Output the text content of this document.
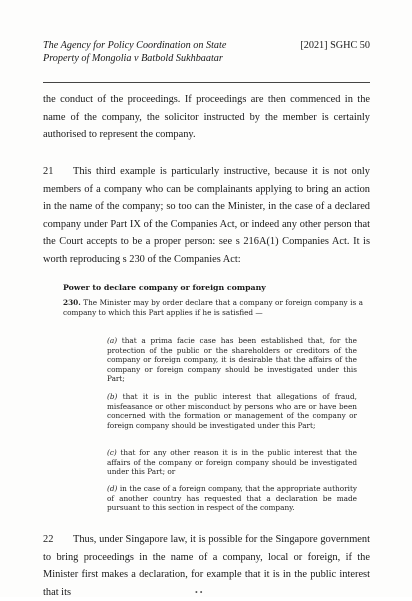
The Agency for Policy Coordination on State
Property of Mongolia v Batbold Sukhbaatar
[2021] SGHC 50
the conduct of the proceedings. If proceedings are then commenced in the name of the company, the solicitor instructed by the member is certainly authorised to represent the company.
21 This third example is particularly instructive, because it is not only members of a company who can be complainants applying to bring an action in the name of the company; so too can the Minister, in the case of a declared company under Part IX of the Companies Act, or indeed any other person that the Court accepts to be a proper person: see s 216A(1) Companies Act. It is worth reproducing s 230 of the Companies Act:
Power to declare company or foreign company
230. The Minister may by order declare that a company or foreign company is a company to which this Part applies if he is satisfied —
(a) that a prima facie case has been established that, for the protection of the public or the shareholders or creditors of the company or foreign company, it is desirable that the affairs of the company or foreign company should be investigated under this Part;
(b) that it is in the public interest that allegations of fraud, misfeasance or other misconduct by persons who are or have been concerned with the formation or management of the company or foreign company should be investigated under this Part;
(c) that for any other reason it is in the public interest that the affairs of the company or foreign company should be investigated under this Part; or
(d) in the case of a foreign company, that the appropriate authority of another country has requested that a declaration be made pursuant to this section in respect of the company.
22 Thus, under Singapore law, it is possible for the Singapore government to bring proceedings in the name of a company, local or foreign, if the Minister first makes a declaration, for example that it is in the public interest that its	• •
